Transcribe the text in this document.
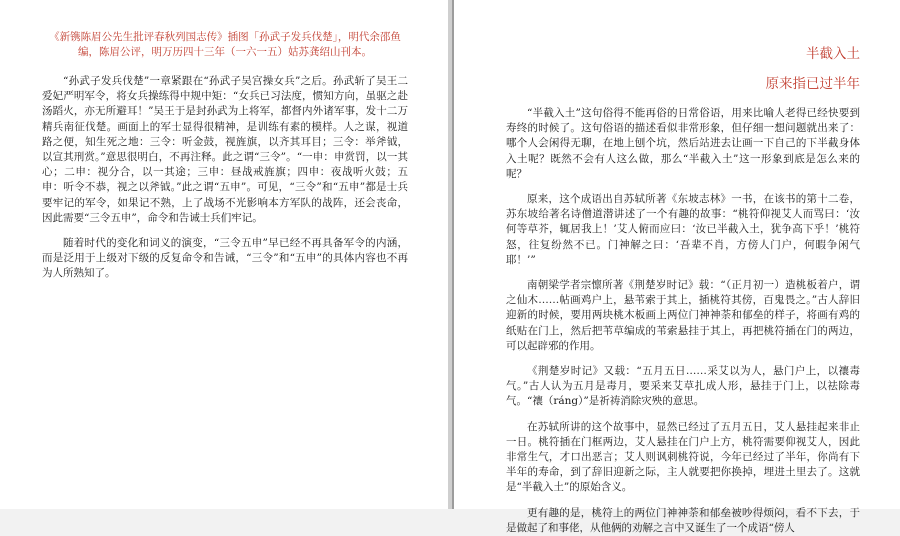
《新镌陈眉公先生批评春秋列国志传》插图「孙武子发兵伐楚」，明代余邵鱼编，陈眉公评，明万历四十三年（一六一五）姑苏龚绍山刊本。

“孙武子发兵伐楚”一章紧跟在“孙武子吴宫操女兵”之后。孙武斩了吴王二爱妃严明军令，将女兵操练得中规中矩：“女兵已习法度，惯知方向，虽驱之赴汤蹈火，亦无所避耳！”吴王于是封孙武为上将军，都督内外诸军事，发十二万精兵南征伐楚。画面上的军士显得很精神，是训练有素的模样。人之谋，视道路之便，知生死之地：三令：听金鼓，视旌旗，以齐其耳目；三令：举斧钺，以宣其刑赏。”意思很明白，不再注释。此之谓“三令”。“一申：申赏罚，以一其心；二申：视分合，以一其途；三申：昼战戒旌旗；四申：夜战听火鼓；五申：听令不恭，视之以斧钺。”此之谓“五申”。可见，“三令”和“五申”都是士兵要牢记的军令，如果记不熟，上了战场不光影响本方军队的战阵，还会丧命，因此需要“三令五申”，命令和告诫士兵们牢记。

随着时代的变化和词义的演变，“三令五申”早已经不再具备军令的内涵，而是泛用于上级对下级的反复命令和告诫，“三令”和“五申”的具体内容也不再为人所熟知了。

半截入土
原来指已过半年

“半截入土”这句俗得不能再俗的日常俗语，用来比喻人老得已经快要到寿终的时候了。这句俗语的描述看似非常形象，但仔细一想问题就出来了：哪个人会闲得无聊，在地上刨个坑，然后站进去让画一下自己的下半截身体入土呢？既然不会有人这么做，那么“半截入土”这一形象到底是怎么来的呢？

原来，这个成语出自苏轼所著《东坡志林》一书，在该书的第十二卷，苏东坡给著名诗僧道潜讲述了一个有趣的故事：“桃符仰视艾人而骂曰：‘汝何等草芥，辄居我上！’艾人俯而应曰：‘汝已半截入土，犹争高下乎！’桃符怒，往复纷然不已。门神解之曰：‘吾辈不肖，方傍人门户，何暇争闲气耶！’”

南朝梁学者宗懔所著《荆楚岁时记》载：“（正月初一）造桃板着户，谓之仙木……帖画鸡户上，悬苇索于其上，插桃符其傍，百鬼畏之。”古人辞旧迎新的时候，要用两块桃木板画上两位门神神荼和郁垒的样子，将画有鸡的纸贴在门上，然后把苇草编成的苇索悬挂于其上，再把桃符插在门的两边，可以起辟邪的作用。

《荆楚岁时记》又载：“五月五日……采艾以为人，悬门户上，以禳毒气。”古人认为五月是毒月，要采来艾草扎成人形，悬挂于门上，以祛除毒气。“禳（ráng）”是祈祷消除灾殃的意思。

在苏轼所讲的这个故事中，显然已经过了五月五日，艾人悬挂起来非止一日。桃符插在门框两边，艾人悬挂在门户上方，桃符需要仰视艾人，因此非常生气，才口出恶言；艾人则讽刺桃符说，今年已经过了半年，你尚有下半年的寿命，到了辞旧迎新之际，主人就要把你换掉，埋进土里去了。这就是“半截入土”的原始含义。

更有趣的是，桃符上的两位门神神荼和郁垒被吵得烦闷，看不下去，于是做起了和事佬，从他俩的劝解之言中又诞生了一个成语“傍人
